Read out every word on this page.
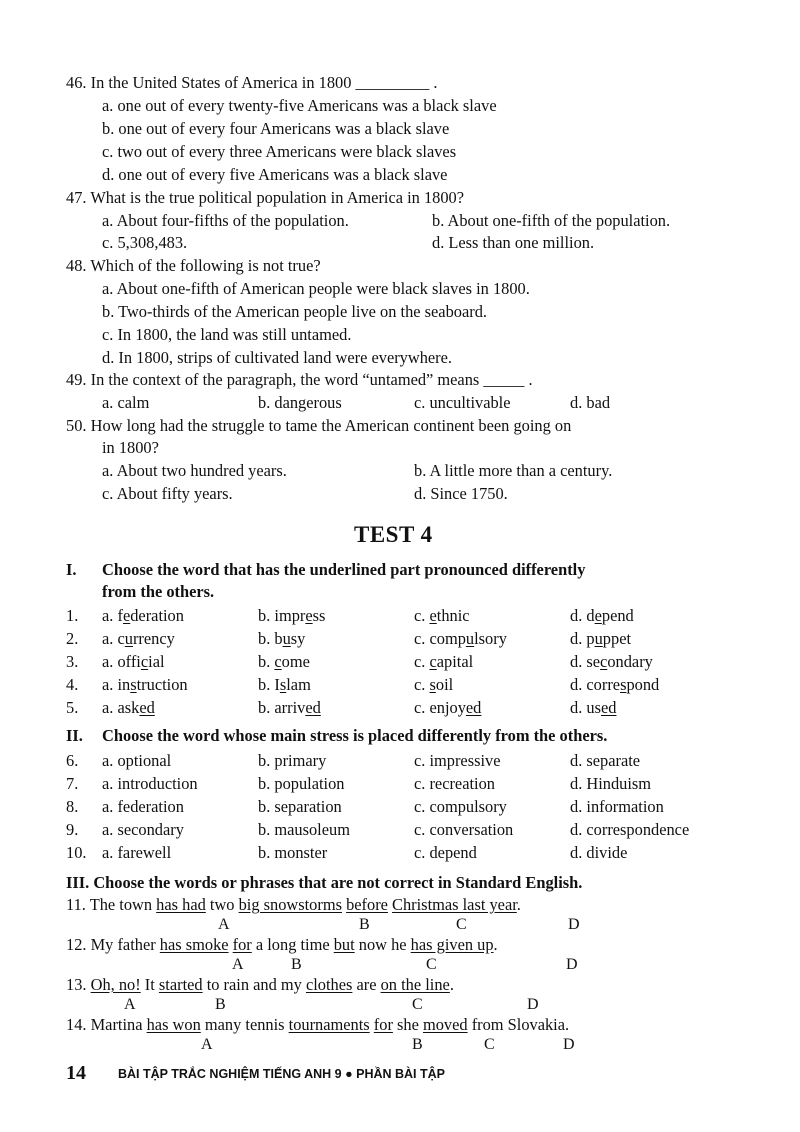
46. In the United States of America in 1800 _________ .
a. one out of every twenty-five Americans was a black slave
b. one out of every four Americans was a black slave
c. two out of every three Americans were black slaves
d. one out of every five Americans was a black slave
47. What is the true political population in America in 1800?
a. About four-fifths of the population.	b. About one-fifth of the population.
c. 5,308,483.	d. Less than one million.
48. Which of the following is not true?
a. About one-fifth of American people were black slaves in 1800.
b. Two-thirds of the American people live on the seaboard.
c. In 1800, the land was still untamed.
d. In 1800, strips of cultivated land were everywhere.
49. In the context of the paragraph, the word “untamed” means _____ .
a. calm	b. dangerous	c. uncultivable	d. bad
50. How long had the struggle to tame the American continent been going on
in 1800?
a. About two hundred years.	b. A little more than a century.
c. About fifty years.	d. Since 1750.
TEST 4
I. Choose the word that has the underlined part pronounced differently
from the others.
1. a. federation	b. impress	c. ethnic	d. depend
2. a. currency	b. busy	c. compulsory	d. puppet
3. a. official	b. come	c. capital	d. secondary
4. a. instruction	b. Islam	c. soil	d. correspond
5. a. asked	b. arrived	c. enjoyed	d. used
II. Choose the word whose main stress is placed differently from the others.
6. a. optional	b. primary	c. impressive	d. separate
7. a. introduction	b. population	c. recreation	d. Hinduism
8. a. federation	b. separation	c. compulsory	d. information
9. a. secondary	b. mausoleum	c. conversation	d. correspondence
10. a. farewell	b. monster	c. depend	d. divide
III. Choose the words or phrases that are not correct in Standard English.
11. The town has had two big snowstorms before Christmas last year.
A	B	C	D
12. My father has smoke for a long time but now he has given up.
A	B	C	D
13. Oh, no! It started to rain and my clothes are on the line.
A	B	C	D
14. Martina has won many tennis tournaments for she moved from Slovakia.
A	B	C	D
14	BÀI TẬP TRẮC NGHIỆM TIẾNG ANH 9 ● PHẦN BÀI TẬP
